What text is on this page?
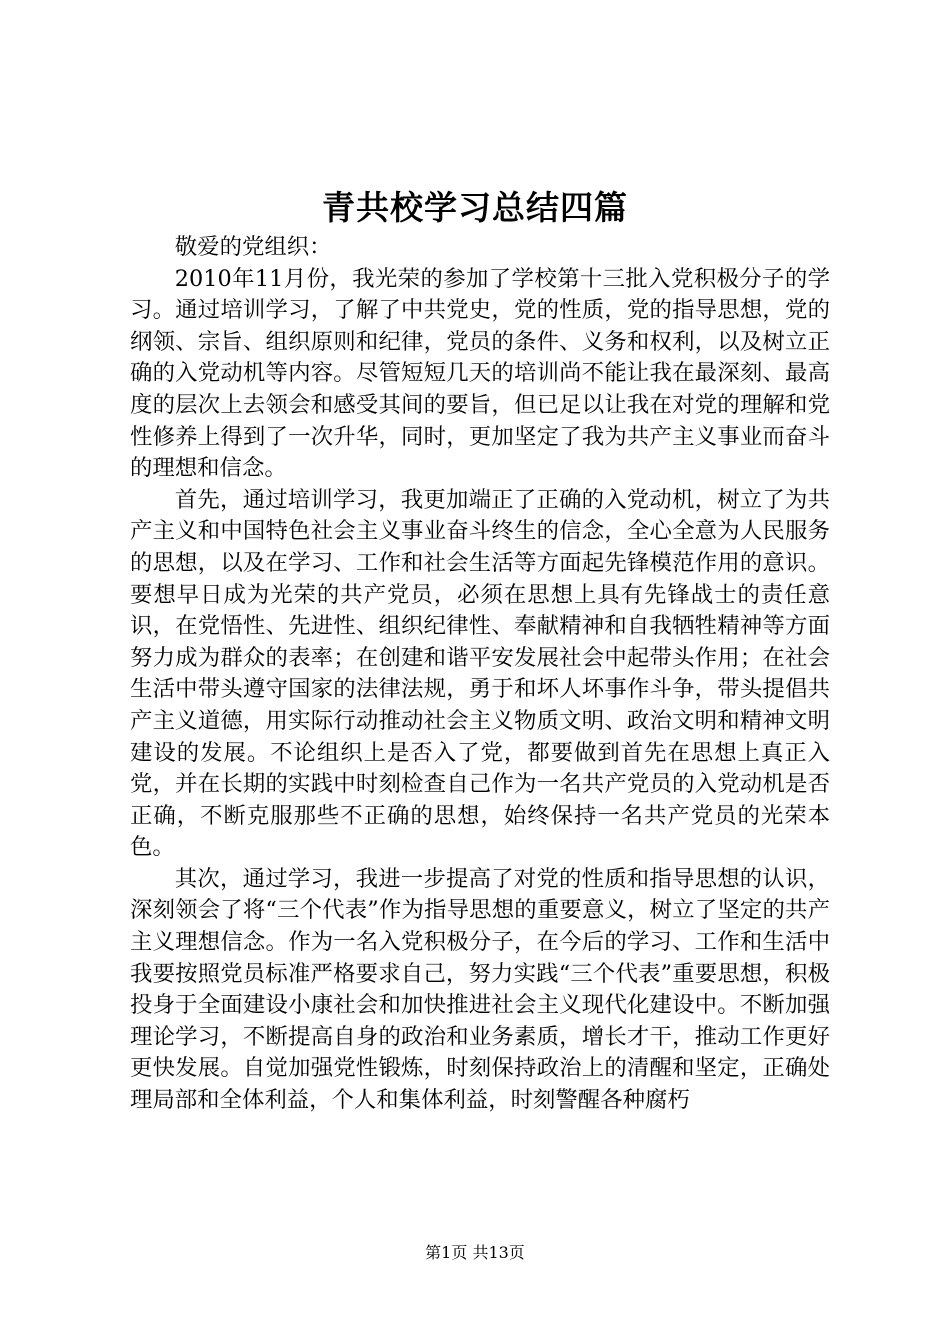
青共校学习总结四篇

敬爱的党组织：

2010年11月份，我光荣的参加了学校第十三批入党积极分子的学习。通过培训学习，了解了中共党史，党的性质，党的指导思想，党的纲领、宗旨、组织原则和纪律，党员的条件、义务和权利，以及树立正确的入党动机等内容。尽管短短几天的培训尚不能让我在最深刻、最高度的层次上去领会和感受其间的要旨，但已足以让我在对党的理解和党性修养上得到了一次升华，同时，更加坚定了我为共产主义事业而奋斗的理想和信念。

首先，通过培训学习，我更加端正了正确的入党动机，树立了为共产主义和中国特色社会主义事业奋斗终生的信念，全心全意为人民服务的思想，以及在学习、工作和社会生活等方面起先锋模范作用的意识。要想早日成为光荣的共产党员，必须在思想上具有先锋战士的责任意识，在党悟性、先进性、组织纪律性、奉献精神和自我牺牲精神等方面努力成为群众的表率；在创建和谐平安发展社会中起带头作用；在社会生活中带头遵守国家的法律法规，勇于和坏人坏事作斗争，带头提倡共产主义道德，用实际行动推动社会主义物质文明、政治文明和精神文明建设的发展。不论组织上是否入了党，都要做到首先在思想上真正入党，并在长期的实践中时刻检查自己作为一名共产党员的入党动机是否正确，不断克服那些不正确的思想，始终保持一名共产党员的光荣本色。

其次，通过学习，我进一步提高了对党的性质和指导思想的认识，深刻领会了将“三个代表”作为指导思想的重要意义，树立了坚定的共产主义理想信念。作为一名入党积极分子，在今后的学习、工作和生活中我要按照党员标准严格要求自己，努力实践“三个代表”重要思想，积极投身于全面建设小康社会和加快推进社会主义现代化建设中。不断加强理论学习，不断提高自身的政治和业务素质，增长才干，推动工作更好更快发展。自觉加强党性锻炼，时刻保持政治上的清醒和坚定，正确处理局部和全体利益，个人和集体利益，时刻警醒各种腐朽

第1页 共13页
